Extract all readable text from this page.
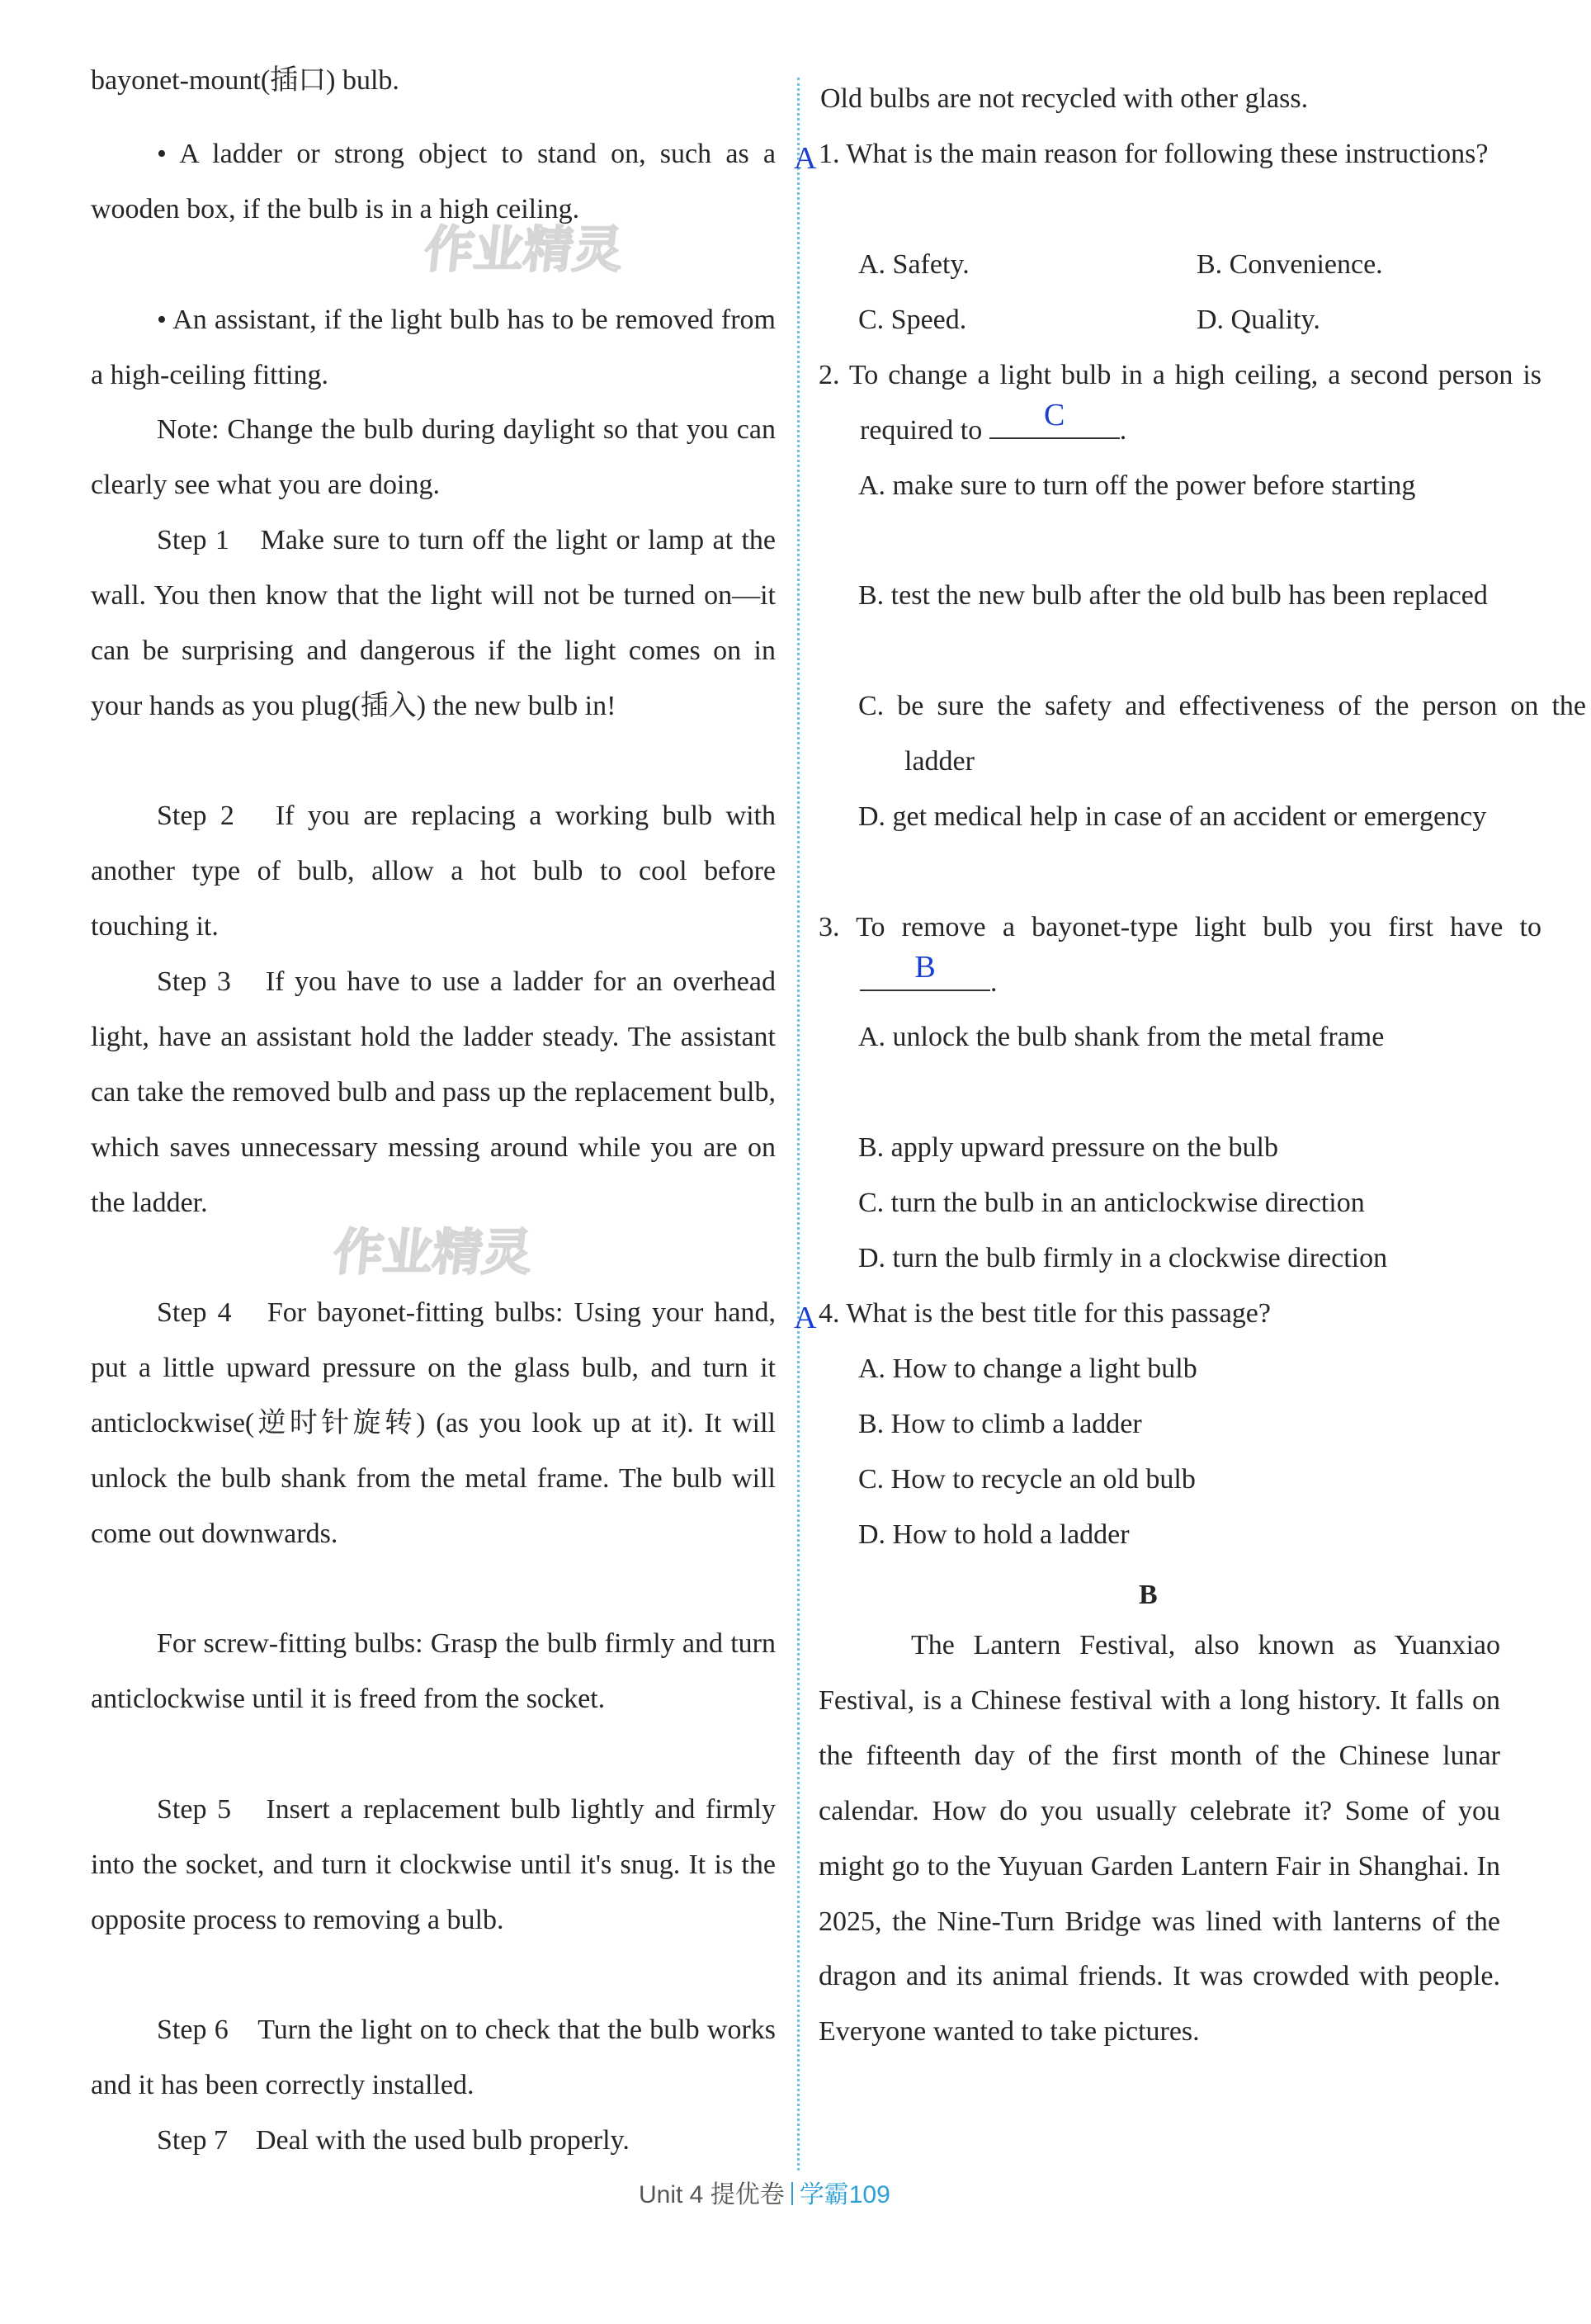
bayonet-mount(插口) bulb.

• A ladder or strong object to stand on, such as a wooden box, if the bulb is in a high ceiling.

• An assistant, if the light bulb has to be removed from a high-ceiling fitting.

Note: Change the bulb during daylight so that you can clearly see what you are doing.

Step 1　Make sure to turn off the light or lamp at the wall. You then know that the light will not be turned on—it can be surprising and dangerous if the light comes on in your hands as you plug(插入) the new bulb in!

Step 2　If you are replacing a working bulb with another type of bulb, allow a hot bulb to cool before touching it.

Step 3　If you have to use a ladder for an overhead light, have an assistant hold the ladder steady. The assistant can take the removed bulb and pass up the replacement bulb, which saves unnecessary messing around while you are on the ladder.

Step 4　For bayonet-fitting bulbs: Using your hand, put a little upward pressure on the glass bulb, and turn it anticlockwise(逆时针旋转) (as you look up at it). It will unlock the bulb shank from the metal frame. The bulb will come out downwards.

For screw-fitting bulbs: Grasp the bulb firmly and turn anticlockwise until it is freed from the socket.

Step 5　Insert a replacement bulb lightly and firmly into the socket, and turn it clockwise until it's snug. It is the opposite process to removing a bulb.

Step 6　Turn the light on to check that the bulb works and it has been correctly installed.

Step 7　Deal with the used bulb properly.

Old bulbs are not recycled with other glass.

A 1. What is the main reason for following these instructions?

A. Safety.	B. Convenience.
C. Speed.	D. Quality.

2. To change a light bulb in a high ceiling, a second person is required to	C	.

A. make sure to turn off the power before starting

B. test the new bulb after the old bulb has been replaced

C. be sure the safety and effectiveness of the person on the ladder

D. get medical help in case of an accident or emergency

3. To remove a bayonet-type light bulb you first have to
B	.

A. unlock the bulb shank from the metal frame

B. apply upward pressure on the bulb

C. turn the bulb in an anticlockwise direction

D. turn the bulb firmly in a clockwise direction

A 4. What is the best title for this passage?

A. How to change a light bulb

B. How to climb a ladder

C. How to recycle an old bulb

D. How to hold a ladder

B

The Lantern Festival, also known as Yuanxiao Festival, is a Chinese festival with a long history. It falls on the fifteenth day of the first month of the Chinese lunar calendar. How do you usually celebrate it? Some of you might go to the Yuyuan Garden Lantern Fair in Shanghai. In 2025, the Nine-Turn Bridge was lined with lanterns of the dragon and its animal friends. It was crowded with people. Everyone wanted to take pictures.

作业精灵
作业精灵
Unit 4 提优卷 学霸109
